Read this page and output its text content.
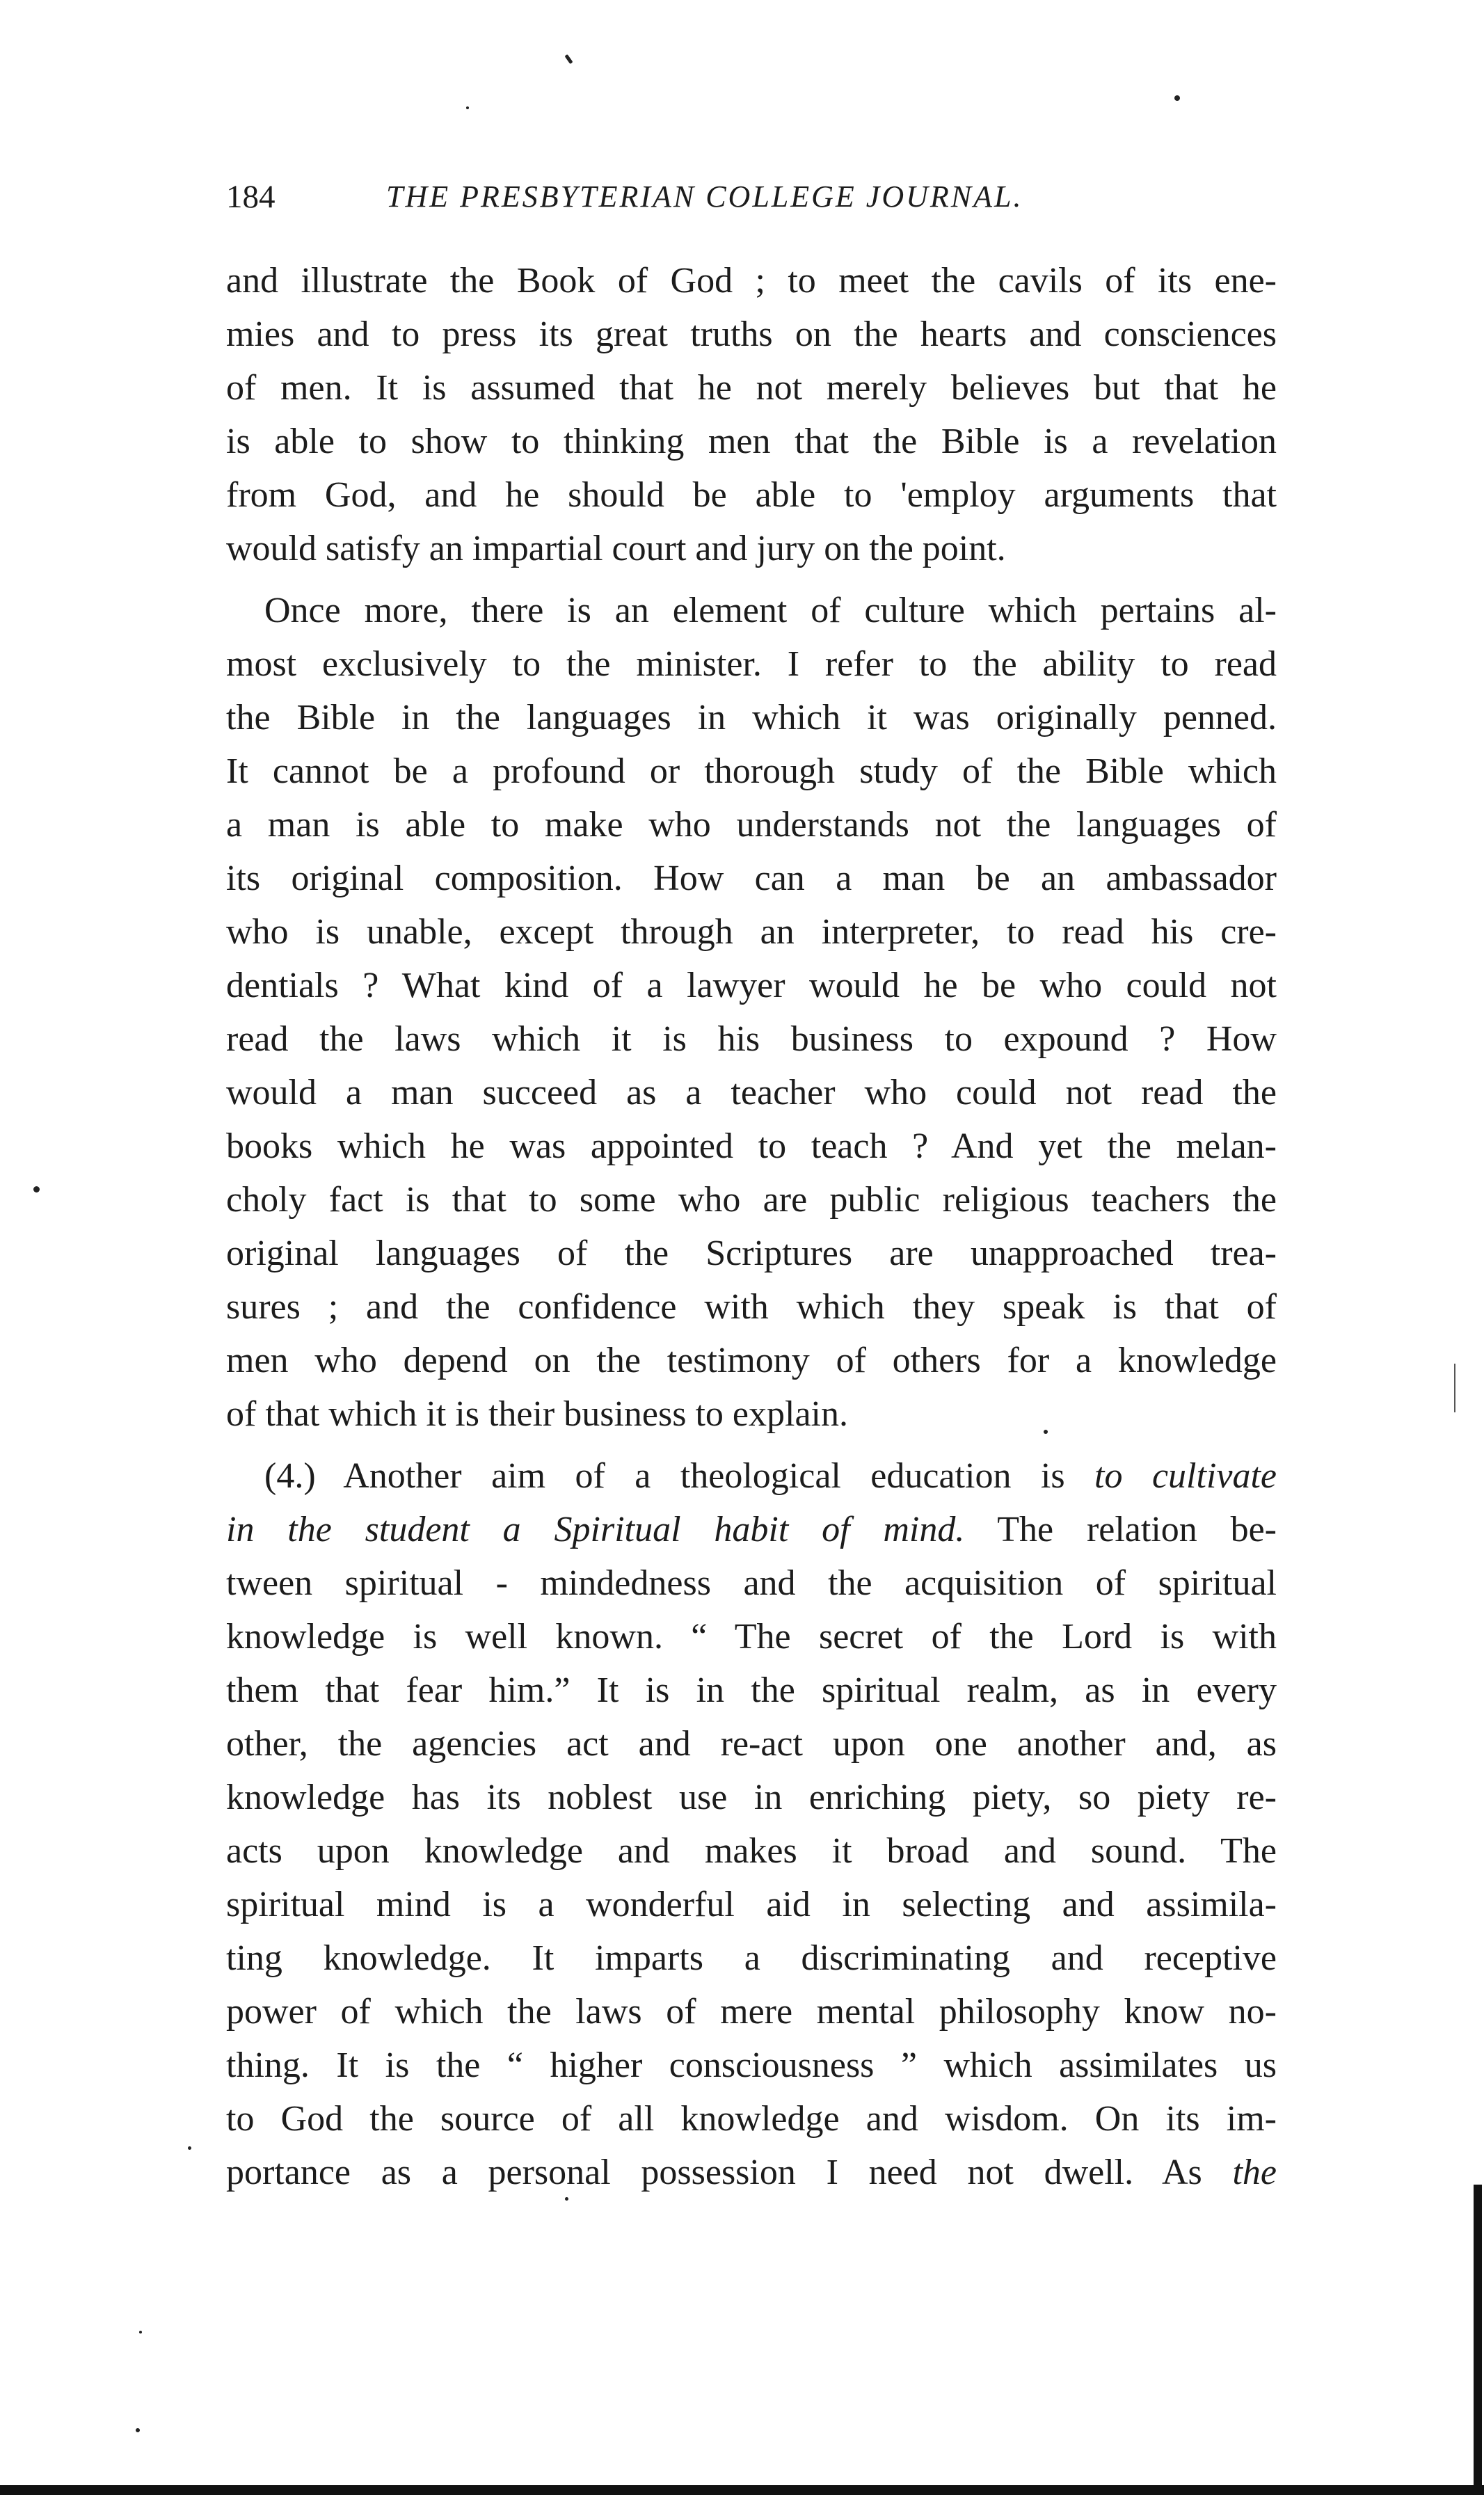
184	THE PRESBYTERIAN COLLEGE JOURNAL.
and illustrate the Book of God ; to meet the cavils of its ene-
mies and to press its great truths on the hearts and consciences
of men. It is assumed that he not merely believes but that he
is able to show to thinking men that the Bible is a revelation
from God, and he should be able to 'employ arguments that
would satisfy an impartial court and jury on the point.
Once more, there is an element of culture which pertains al-
most exclusively to the minister. I refer to the ability to read
the Bible in the languages in which it was originally penned.
It cannot be a profound or thorough study of the Bible which
a man is able to make who understands not the languages of
its original composition. How can a man be an ambassador
who is unable, except through an interpreter, to read his cre-
dentials ? What kind of a lawyer would he be who could not
read the laws which it is his business to expound ? How
would a man succeed as a teacher who could not read the
books which he was appointed to teach ? And yet the melan-
choly fact is that to some who are public religious teachers the
original languages of the Scriptures are unapproached trea-
sures ; and the confidence with which they speak is that of
men who depend on the testimony of others for a knowledge
of that which it is their business to explain.
(4.) Another aim of a theological education is to cultivate
in the student a Spiritual habit of mind. The relation be-
tween spiritual - mindedness and the acquisition of spiritual
knowledge is well known. “ The secret of the Lord is with
them that fear him.” It is in the spiritual realm, as in every
other, the agencies act and re-act upon one another and, as
knowledge has its noblest use in enriching piety, so piety re-
acts upon knowledge and makes it broad and sound. The
spiritual mind is a wonderful aid in selecting and assimila-
ting knowledge. It imparts a discriminating and receptive
power of which the laws of mere mental philosophy know no-
thing. It is the “ higher consciousness ” which assimilates us
to God the source of all knowledge and wisdom. On its im-
portance as a personal possession I need not dwell. As the
